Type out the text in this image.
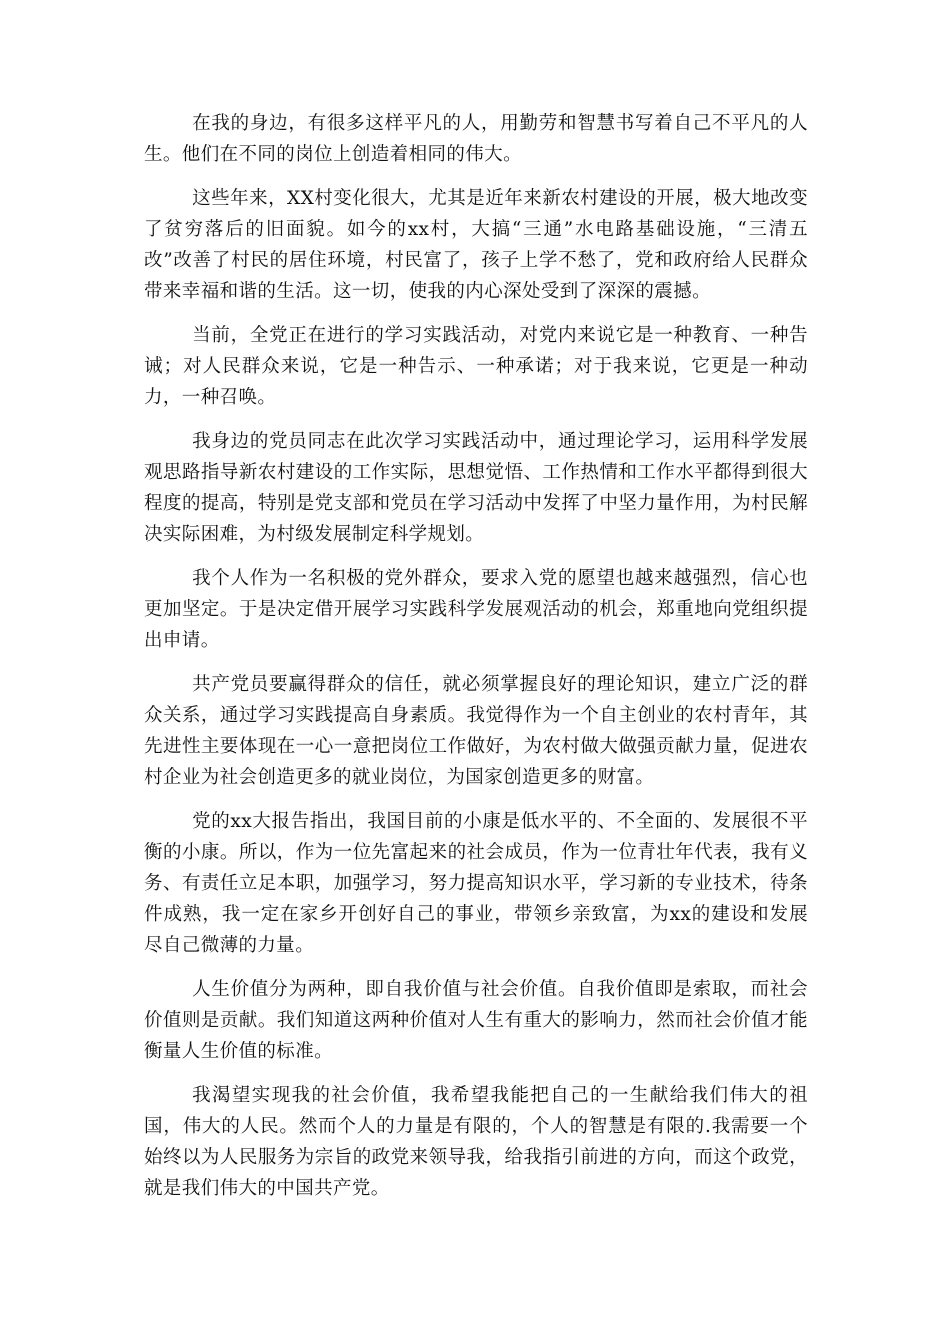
在我的身边，有很多这样平凡的人，用勤劳和智慧书写着自己不平凡的人生。他们在不同的岗位上创造着相同的伟大。

这些年来，XX村变化很大，尤其是近年来新农村建设的开展，极大地改变了贫穷落后的旧面貌。如今的xx村，大搞“三通”水电路基础设施，“三清五改”改善了村民的居住环境，村民富了，孩子上学不愁了，党和政府给人民群众带来幸福和谐的生活。这一切，使我的内心深处受到了深深的震撼。

当前，全党正在进行的学习实践活动，对党内来说它是一种教育、一种告诫；对人民群众来说，它是一种告示、一种承诺；对于我来说，它更是一种动力，一种召唤。

我身边的党员同志在此次学习实践活动中，通过理论学习，运用科学发展观思路指导新农村建设的工作实际，思想觉悟、工作热情和工作水平都得到很大程度的提高，特别是党支部和党员在学习活动中发挥了中坚力量作用，为村民解决实际困难，为村级发展制定科学规划。

我个人作为一名积极的党外群众，要求入党的愿望也越来越强烈，信心也更加坚定。于是决定借开展学习实践科学发展观活动的机会，郑重地向党组织提出申请。

共产党员要赢得群众的信任，就必须掌握良好的理论知识，建立广泛的群众关系，通过学习实践提高自身素质。我觉得作为一个自主创业的农村青年，其先进性主要体现在一心一意把岗位工作做好，为农村做大做强贡献力量，促进农村企业为社会创造更多的就业岗位，为国家创造更多的财富。

党的xx大报告指出，我国目前的小康是低水平的、不全面的、发展很不平衡的小康。所以，作为一位先富起来的社会成员，作为一位青壮年代表，我有义务、有责任立足本职，加强学习，努力提高知识水平，学习新的专业技术，待条件成熟，我一定在家乡开创好自己的事业，带领乡亲致富，为xx的建设和发展尽自己微薄的力量。

人生价值分为两种，即自我价值与社会价值。自我价值即是索取，而社会价值则是贡献。我们知道这两种价值对人生有重大的影响力，然而社会价值才能衡量人生价值的标准。

我渴望实现我的社会价值，我希望我能把自己的一生献给我们伟大的祖国，伟大的人民。然而个人的力量是有限的，个人的智慧是有限的.我需要一个始终以为人民服务为宗旨的政党来领导我，给我指引前进的方向，而这个政党，就是我们伟大的中国共产党。
